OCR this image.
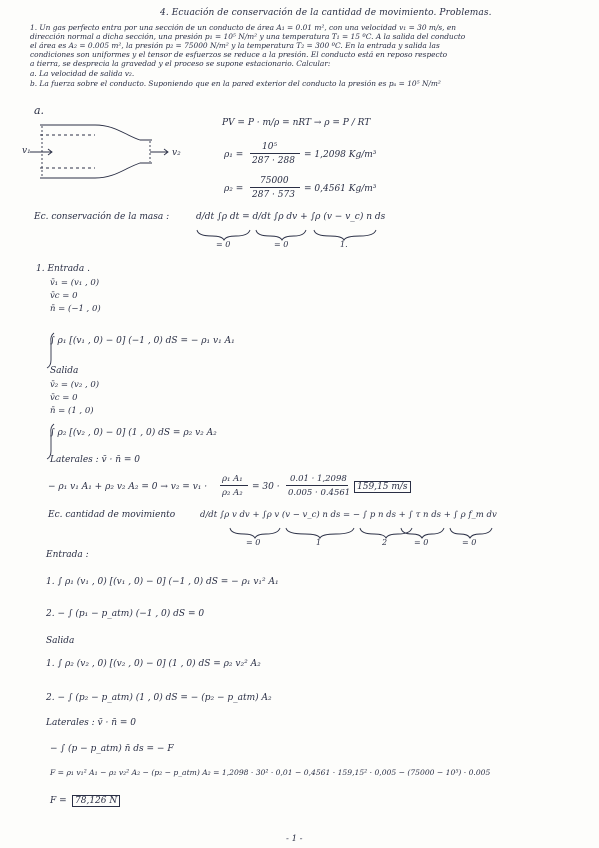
4. Ecuación de conservación de la cantidad de movimiento. Problemas.
1. Un gas perfecto entra por una sección de un conducto de área A₁ = 0.01 m², con una velocidad v₁ = 30 m/s, en
dirección normal a dicha sección, una presión p₁ = 10⁵ N/m² y una temperatura T₁ = 15 ºC. A la salida del conducto
el área es A₂ = 0.005 m², la presión p₂ = 75000 N/m² y la temperatura T₂ = 300 ºC. En la entrada y salida las
condiciones son uniformes y el tensor de esfuerzos se reduce a la presión. El conducto está en reposo respecto
a tierra, se desprecia la gravedad y el proceso se supone estacionario. Calcular:
a. La velocidad de salida v₂.
b. La fuerza sobre el conducto. Suponiendo que en la pared exterior del conducto la presión es pₐ = 10⁵ N/m²
a.
v₁	v₂
PV = P · m/ρ = nRT → ρ = P / RT
ρ₁ =
10⁵
287 · 288
= 1,2098 Kg/m³
ρ₂ =
75000
287 · 573
= 0,4561 Kg/m³
Ec. conservación de la masa :	d/dt ∫ρ dt = d/dt ∫ρ dv + ∫ρ (v − v_c) n ds
= 0	= 0	1.
1. Entrada .
v̄₁ = (v₁ , 0)
v̄c = 0
n̄ = (−1 , 0)
∫ ρ₁ [(v₁ , 0) − 0] (−1 , 0) dS = − ρ₁ v₁ A₁
Salida
v̄₂ = (v₂ , 0)
v̄c = 0
n̄ = (1 , 0)
∫ ρ₂ [(v₂ , 0) − 0] (1 , 0) dS = ρ₂ v₂ A₂
Laterales : v̄ · n̄ = 0
− ρ₁ v₁ A₁ + ρ₂ v₂ A₂ = 0 → v₂ = v₁ ·
ρ₁ A₁
ρ₂ A₂
= 30 ·
0.01 · 1,2098
0.005 · 0.4561
159,15 m/s
Ec. cantidad de movimiento	d/dt ∫ρ v dv + ∫ρ v (v − v_c) n ds = − ∫ p n ds + ∫ τ n ds + ∫ ρ f_m dv
= 0	1	2	= 0	= 0
Entrada :
1. ∫ ρ₁ (v₁ , 0) [(v₁ , 0) − 0] (−1 , 0) dS = − ρ₁ v₁² A₁
2. − ∫ (p₁ − p_atm) (−1 , 0) dS = 0
Salida
1. ∫ ρ₂ (v₂ , 0) [(v₂ , 0) − 0] (1 , 0) dS = ρ₂ v₂² A₂
2. − ∫ (p₂ − p_atm) (1 , 0) dS = − (p₂ − p_atm) A₂
Laterales : v̄ · n̄ = 0
− ∫ (p − p_atm) n̄ ds = − F
F = ρ₁ v₁² A₁ − ρ₂ v₂² A₂ − (p₂ − p_atm) A₂ = 1,2098 · 30² · 0,01 − 0,4561 · 159,15² · 0,005 − (75000 − 10⁵) · 0.005
F = 78,126 N
- 1 -
